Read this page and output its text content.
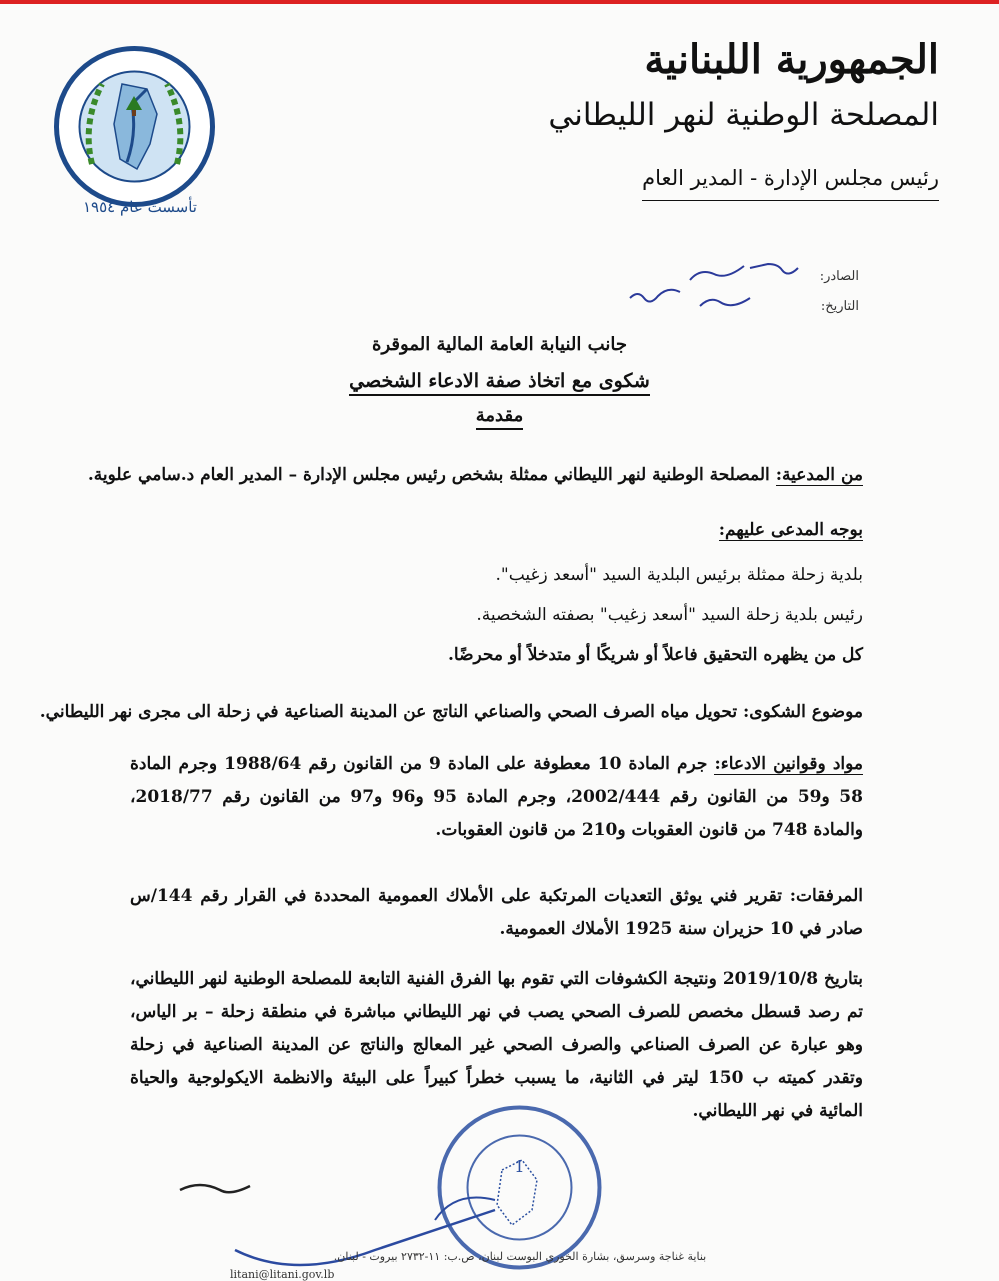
تأسست عام ١٩٥٤
الجمهورية اللبنانية
المصلحة الوطنية لنهر الليطاني
رئيس مجلس الإدارة - المدير العام
الصادر:
التاريخ:
جانب النيابة العامة المالية الموقرة
شكوى مع اتخاذ صفة الادعاء الشخصي
مقدمة
من المدعية: المصلحة الوطنية لنهر الليطاني ممثلة بشخص رئيس مجلس الإدارة – المدير العام د.سامي علوية.
بوجه المدعى عليهم:
بلدية زحلة ممثلة برئيس البلدية السيد "أسعد زغيب".
رئيس بلدية زحلة السيد "أسعد زغيب" بصفته الشخصية.
كل من يظهره التحقيق فاعلاً أو شريكًا أو متدخلاً أو محرضًا.
موضوع الشكوى: تحويل مياه الصرف الصحي والصناعي الناتج عن المدينة الصناعية في زحلة الى مجرى نهر الليطاني.
مواد وقوانين الادعاء: جرم المادة 10 معطوفة على المادة 9 من القانون رقم 1988/64 وجرم المادة 58 و59 من القانون رقم 2002/444، وجرم المادة 95 و96 و97 من القانون رقم 2018/77، والمادة 748 من قانون العقوبات و210 من قانون العقوبات.
المرفقات: تقرير فني يوثق التعديات المرتكبة على الأملاك العمومية المحددة في القرار رقم 144/س صادر في 10 حزيران سنة 1925 الأملاك العمومية.
بتاريخ 2019/10/8 ونتيجة الكشوفات التي تقوم بها الفرق الفنية التابعة للمصلحة الوطنية لنهر الليطاني، تم رصد قسطل مخصص للصرف الصحي يصب في نهر الليطاني مباشرة في منطقة زحلة – بر الياس، وهو عبارة عن الصرف الصناعي والصرف الصحي غير المعالج والناتج عن المدينة الصناعية في زحلة وتقدر كميته ب 150 ليتر في الثانية، ما يسبب خطراً كبيراً على البيئة والانظمة الايكولوجية والحياة المائية في نهر الليطاني.
1
بناية غناجة وسرسق، بشارة الخوري البوست لبنان، ص.ب: ١١-٢٧٣٢ بيروت - لبنان.
litani@litani.gov.lb
